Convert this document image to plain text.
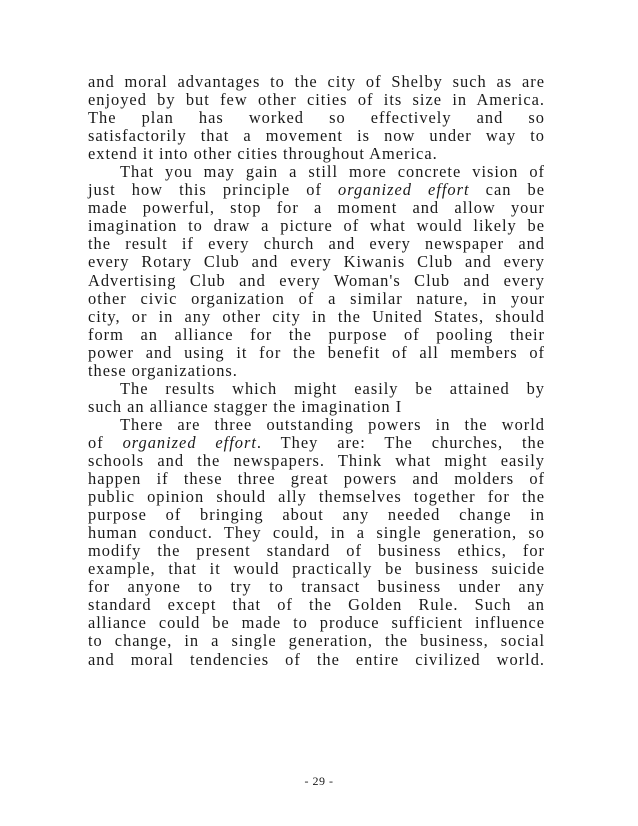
and moral advantages to the city of Shelby such as are
enjoyed by but few other cities of its size in America.
The plan has worked so effectively and so
satisfactorily that a movement is now under way to
extend it into other cities throughout America.
That you may gain a still more concrete vision of
just how this principle of organized effort can be
made powerful, stop for a moment and allow your
imagination to draw a picture of what would likely be
the result if every church and every newspaper and
every Rotary Club and every Kiwanis Club and every
Advertising Club and every Woman's Club and every
other civic organization of a similar nature, in your
city, or in any other city in the United States, should
form an alliance for the purpose of pooling their
power and using it for the benefit of all members of
these organizations.
The results which might easily be attained by
such an alliance stagger the imagination I
There are three outstanding powers in the world
of organized effort. They are: The churches, the
schools and the newspapers. Think what might easily
happen if these three great powers and molders of
public opinion should ally themselves together for the
purpose of bringing about any needed change in
human conduct. They could, in a single generation, so
modify the present standard of business ethics, for
example, that it would practically be business suicide
for anyone to try to transact business under any
standard except that of the Golden Rule. Such an
alliance could be made to produce sufficient influence
to change, in a single generation, the business, social
and moral tendencies of the entire civilized world.
- 29 -
